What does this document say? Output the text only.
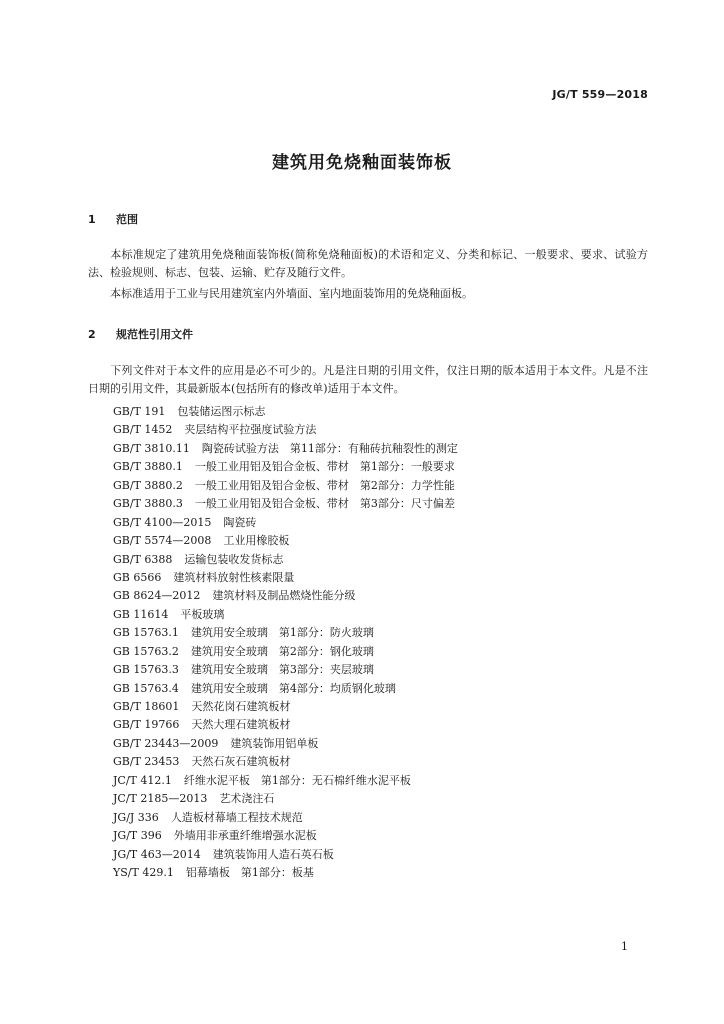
JG/T 559—2018
建筑用免烧釉面装饰板
1 范围
本标准规定了建筑用免烧釉面装饰板(简称免烧釉面板)的术语和定义、分类和标记、一般要求、要求、试验方法、检验规则、标志、包装、运输、贮存及随行文件。
本标准适用于工业与民用建筑室内外墙面、室内地面装饰用的免烧釉面板。
2 规范性引用文件
下列文件对于本文件的应用是必不可少的。凡是注日期的引用文件，仅注日期的版本适用于本文件。凡是不注日期的引用文件，其最新版本(包括所有的修改单)适用于本文件。
GB/T 191 包装储运图示标志
GB/T 1452 夹层结构平拉强度试验方法
GB/T 3810.11 陶瓷砖试验方法　第11部分：有釉砖抗釉裂性的测定
GB/T 3880.1 一般工业用铝及铝合金板、带材　第1部分：一般要求
GB/T 3880.2 一般工业用铝及铝合金板、带材　第2部分：力学性能
GB/T 3880.3 一般工业用铝及铝合金板、带材　第3部分：尺寸偏差
GB/T 4100—2015 陶瓷砖
GB/T 5574—2008 工业用橡胶板
GB/T 6388 运输包装收发货标志
GB 6566 建筑材料放射性核素限量
GB 8624—2012 建筑材料及制品燃烧性能分级
GB 11614 平板玻璃
GB 15763.1 建筑用安全玻璃　第1部分：防火玻璃
GB 15763.2 建筑用安全玻璃　第2部分：钢化玻璃
GB 15763.3 建筑用安全玻璃　第3部分：夹层玻璃
GB 15763.4 建筑用安全玻璃　第4部分：均质钢化玻璃
GB/T 18601 天然花岗石建筑板材
GB/T 19766 天然大理石建筑板材
GB/T 23443—2009 建筑装饰用铝单板
GB/T 23453 天然石灰石建筑板材
JC/T 412.1 纤维水泥平板　第1部分：无石棉纤维水泥平板
JC/T 2185—2013 艺术浇注石
JG/J 336 人造板材幕墙工程技术规范
JG/T 396 外墙用非承重纤维增强水泥板
JG/T 463—2014 建筑装饰用人造石英石板
YS/T 429.1 铝幕墙板　第1部分：板基
1
